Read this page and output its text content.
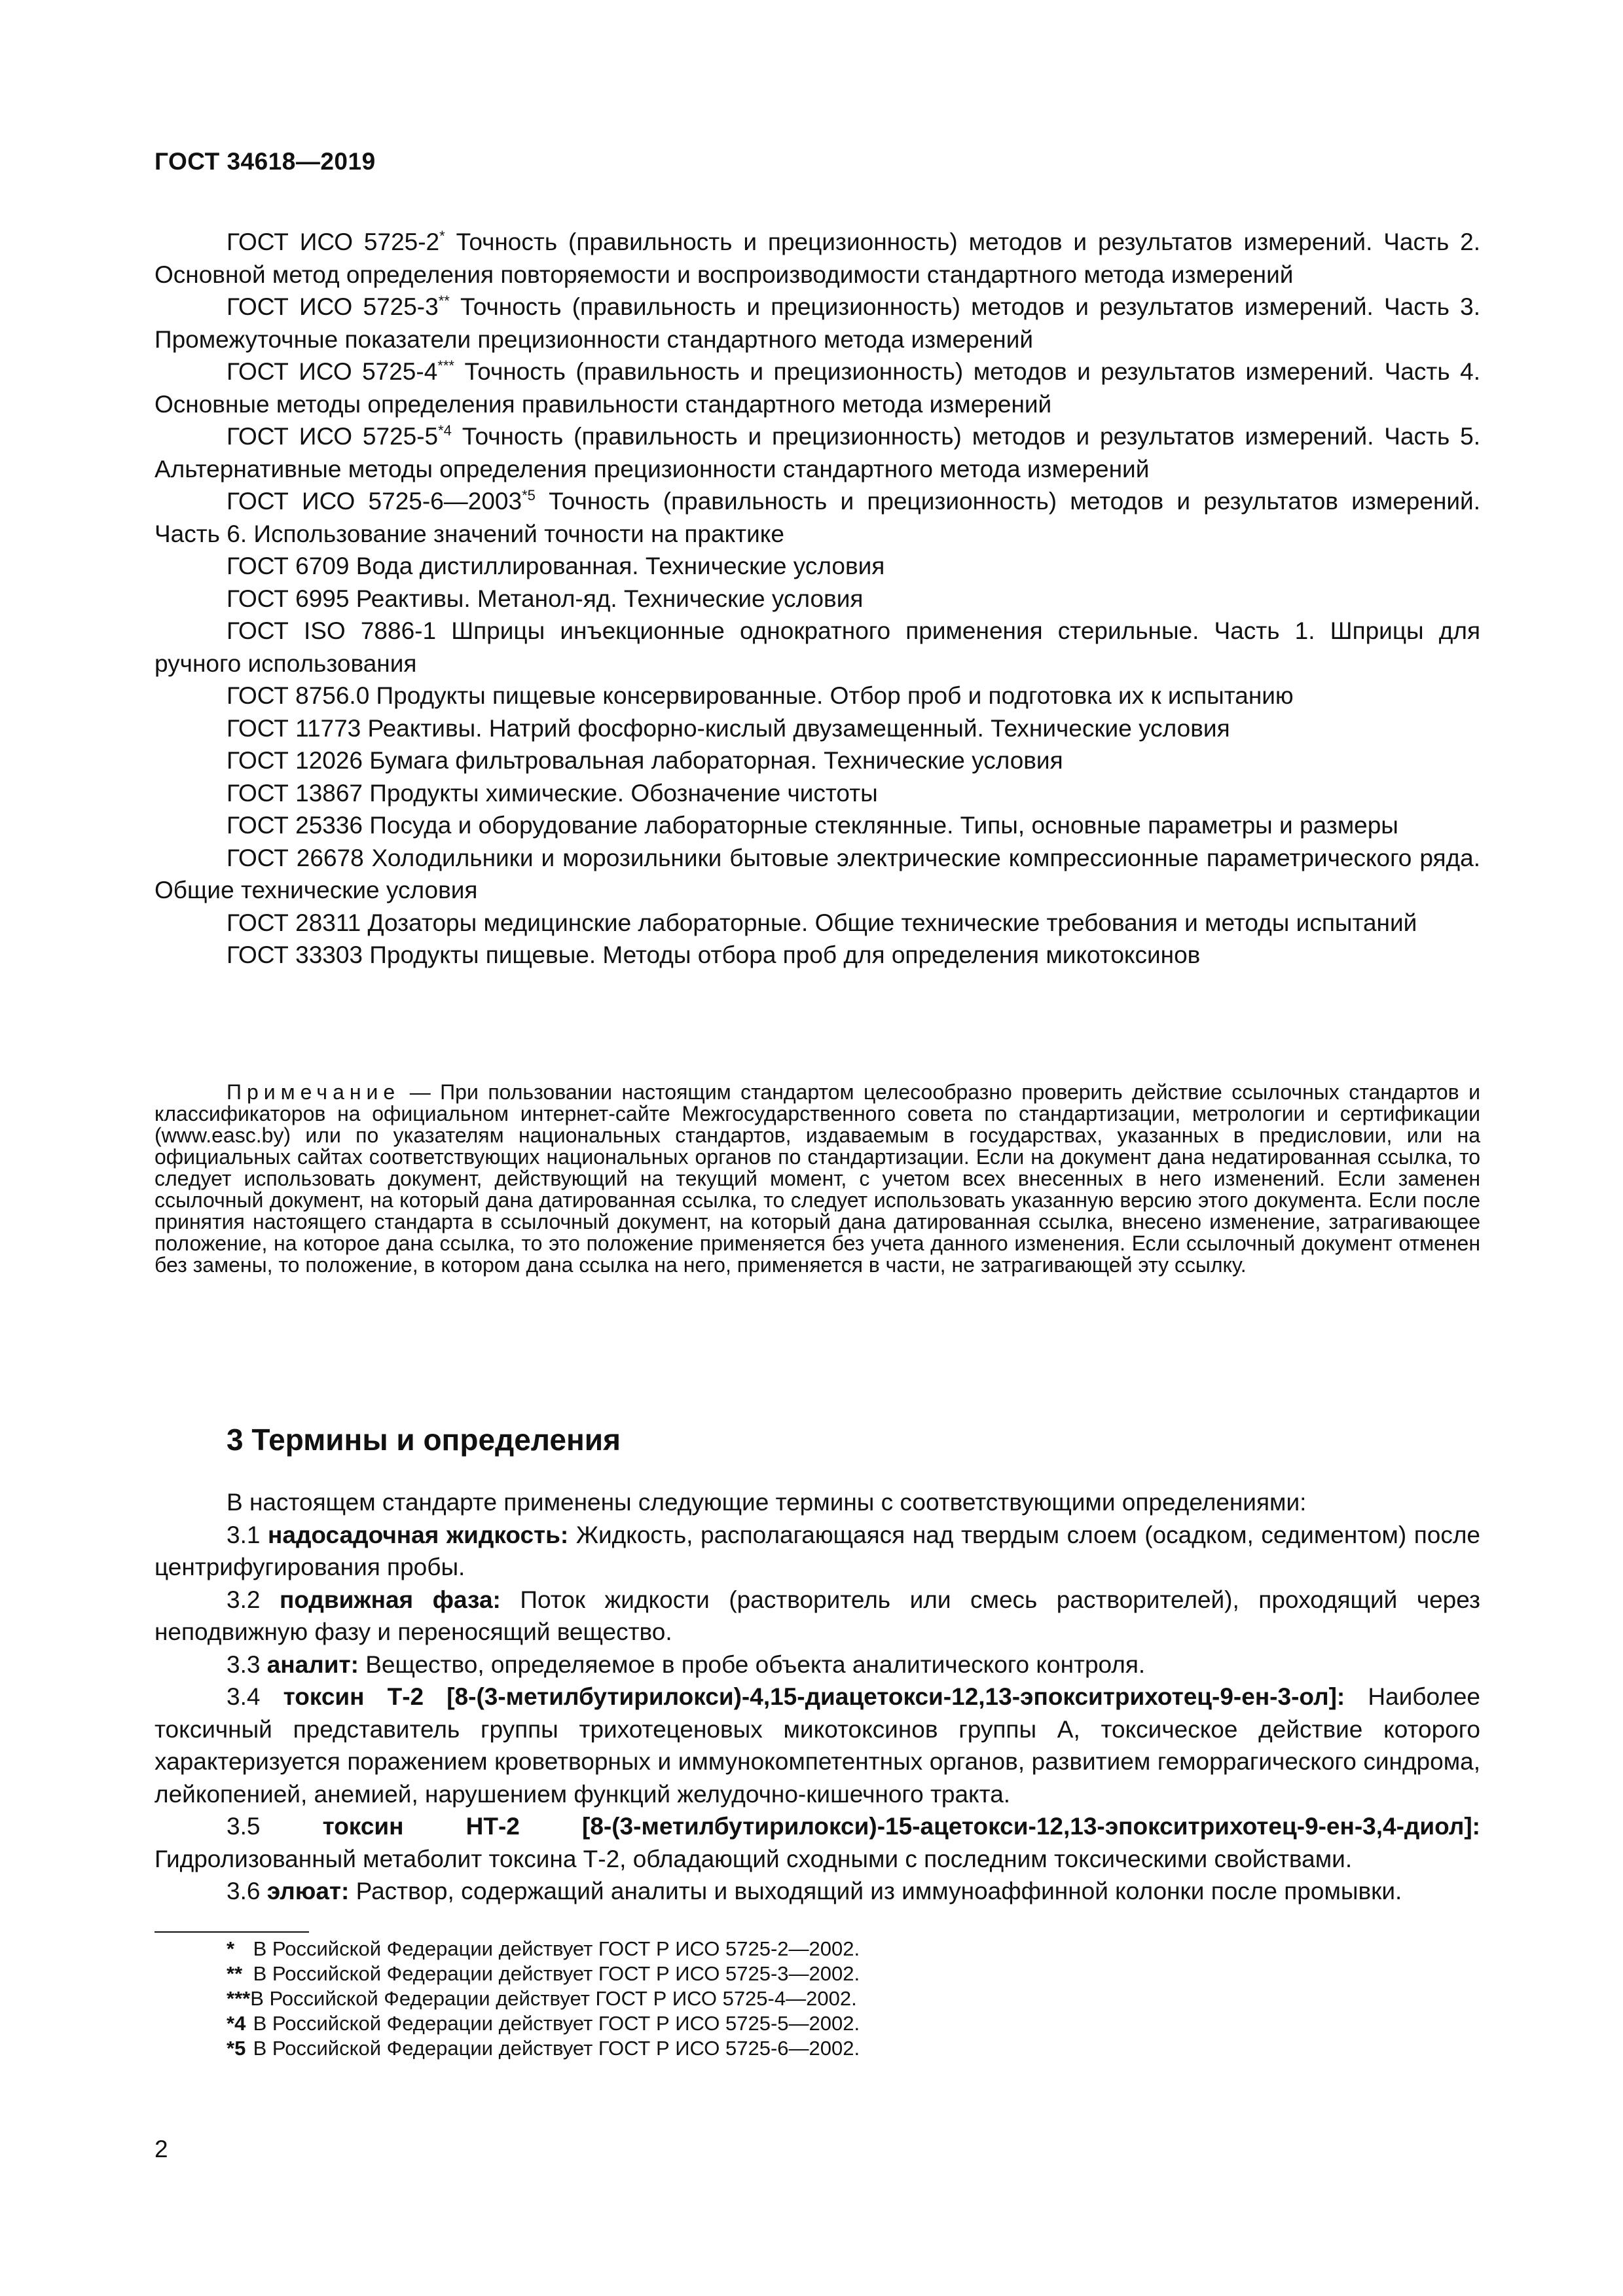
ГОСТ 34618—2019

ГОСТ ИСО 5725-2* Точность (правильность и прецизионность) методов и результатов измерений. Часть 2. Основной метод определения повторяемости и воспроизводимости стандартного метода измерений

ГОСТ ИСО 5725-3** Точность (правильность и прецизионность) методов и результатов измерений. Часть 3. Промежуточные показатели прецизионности стандартного метода измерений

ГОСТ ИСО 5725-4*** Точность (правильность и прецизионность) методов и результатов измерений. Часть 4. Основные методы определения правильности стандартного метода измерений

ГОСТ ИСО 5725-5$^{*4}$ Точность (правильность и прецизионность) методов и результатов измерений. Часть 5. Альтернативные методы определения прецизионности стандартного метода измерений

ГОСТ ИСО 5725-6—2003$^{*5}$ Точность (правильность и прецизионность) методов и результатов измерений. Часть 6. Использование значений точности на практике

ГОСТ 6709 Вода дистиллированная. Технические условия

ГОСТ 6995 Реактивы. Метанол-яд. Технические условия

ГОСТ ISO 7886-1 Шприцы инъекционные однократного применения стерильные. Часть 1. Шприцы для ручного использования

ГОСТ 8756.0 Продукты пищевые консервированные. Отбор проб и подготовка их к испытанию

ГОСТ 11773 Реактивы. Натрий фосфорно-кислый двузамещенный. Технические условия

ГОСТ 12026 Бумага фильтровальная лабораторная. Технические условия

ГОСТ 13867 Продукты химические. Обозначение чистоты

ГОСТ 25336 Посуда и оборудование лабораторные стеклянные. Типы, основные параметры и размеры

ГОСТ 26678 Холодильники и морозильники бытовые электрические компрессионные параметрического ряда. Общие технические условия

ГОСТ 28311 Дозаторы медицинские лабораторные. Общие технические требования и методы испытаний

ГОСТ 33303 Продукты пищевые. Методы отбора проб для определения микотоксинов

Примечание — При пользовании настоящим стандартом целесообразно проверить действие ссылочных стандартов и классификаторов на официальном интернет-сайте Межгосударственного совета по стандартизации, метрологии и сертификации (www.easc.by) или по указателям национальных стандартов, издаваемым в государствах, указанных в предисловии, или на официальных сайтах соответствующих национальных органов по стандартизации. Если на документ дана недатированная ссылка, то следует использовать документ, действующий на текущий момент, с учетом всех внесенных в него изменений. Если заменен ссылочный документ, на который дана датированная ссылка, то следует использовать указанную версию этого документа. Если после принятия настоящего стандарта в ссылочный документ, на который дана датированная ссылка, внесено изменение, затрагивающее положение, на которое дана ссылка, то это положение применяется без учета данного изменения. Если ссылочный документ отменен без замены, то положение, в котором дана ссылка на него, применяется в части, не затрагивающей эту ссылку.

3 Термины и определения

В настоящем стандарте применены следующие термины с соответствующими определениями:

3.1 надосадочная жидкость: Жидкость, располагающаяся над твердым слоем (осадком, седиментом) после центрифугирования пробы.

3.2 подвижная фаза: Поток жидкости (растворитель или смесь растворителей), проходящий через неподвижную фазу и переносящий вещество.

3.3 аналит: Вещество, определяемое в пробе объекта аналитического контроля.

3.4 токсин Т-2 [8-(3-метилбутирилокси)-4,15-диацетокси-12,13-эпокситрихотец-9-ен-3-ол]: Наиболее токсичный представитель группы трихотеценовых микотоксинов группы А, токсическое действие которого характеризуется поражением кроветворных и иммунокомпетентных органов, развитием геморрагического синдрома, лейкопенией, анемией, нарушением функций желудочно-кишечного тракта.

3.5 токсин НТ-2 [8-(3-метилбутирилокси)-15-ацетокси-12,13-эпокситрихотец-9-ен-3,4-диол]: Гидролизованный метаболит токсина Т-2, обладающий сходными с последним токсическими свойствами.

3.6 элюат: Раствор, содержащий аналиты и выходящий из иммуноаффинной колонки после промывки.

* В Российской Федерации действует ГОСТ Р ИСО 5725-2—2002.
** В Российской Федерации действует ГОСТ Р ИСО 5725-3—2002.
***В Российской Федерации действует ГОСТ Р ИСО 5725-4—2002.
*4 В Российской Федерации действует ГОСТ Р ИСО 5725-5—2002.
*5 В Российской Федерации действует ГОСТ Р ИСО 5725-6—2002.
2
